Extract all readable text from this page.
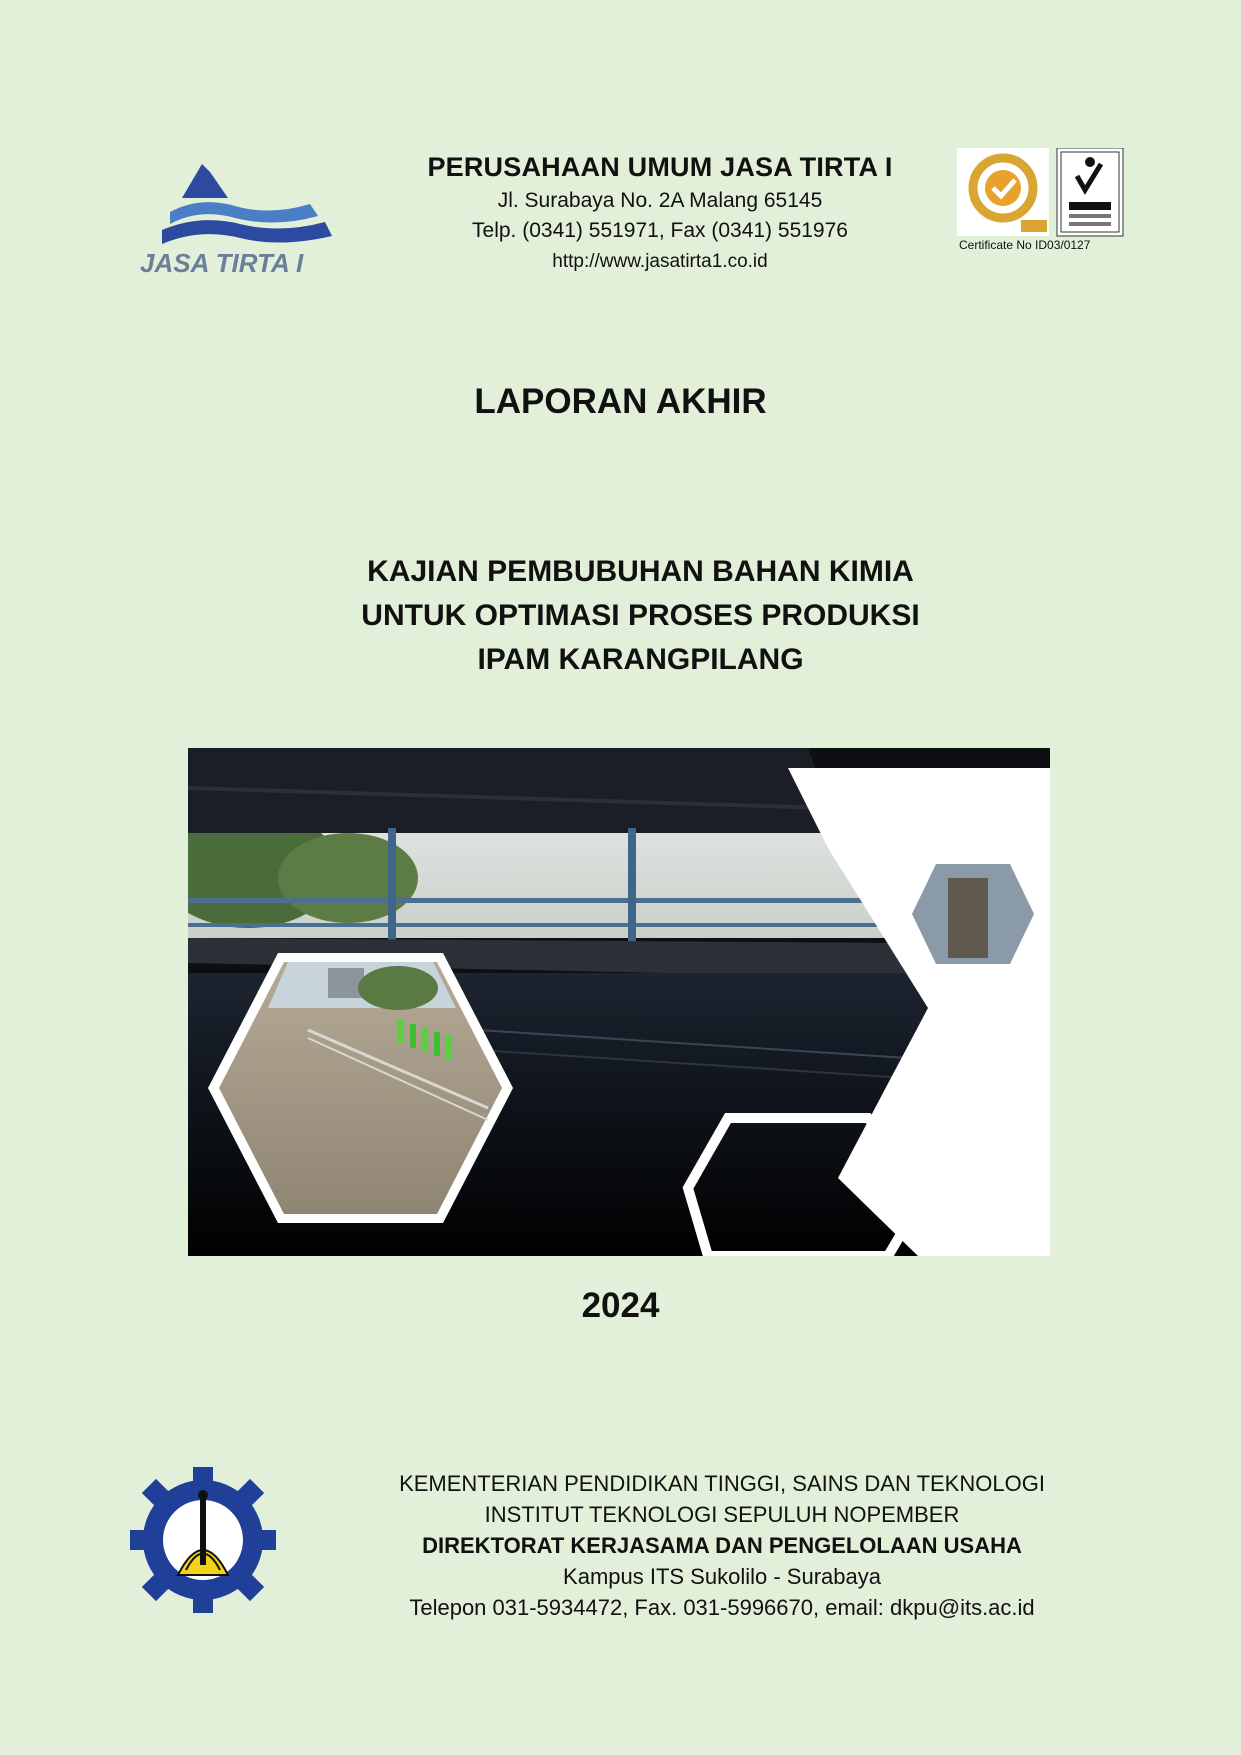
JASA TIRTA I
PERUSAHAAN UMUM JASA TIRTA I
Jl. Surabaya No. 2A Malang 65145
Telp. (0341) 551971, Fax (0341) 551976
http://www.jasatirta1.co.id
Certificate No ID03/0127
LAPORAN AKHIR
KAJIAN PEMBUBUHAN BAHAN KIMIA
UNTUK OPTIMASI PROSES PRODUKSI
IPAM KARANGPILANG
2024
KEMENTERIAN PENDIDIKAN TINGGI, SAINS DAN TEKNOLOGI
INSTITUT TEKNOLOGI SEPULUH NOPEMBER
DIREKTORAT KERJASAMA DAN PENGELOLAAN USAHA
Kampus ITS Sukolilo - Surabaya
Telepon 031-5934472, Fax. 031-5996670, email: dkpu@its.ac.id
